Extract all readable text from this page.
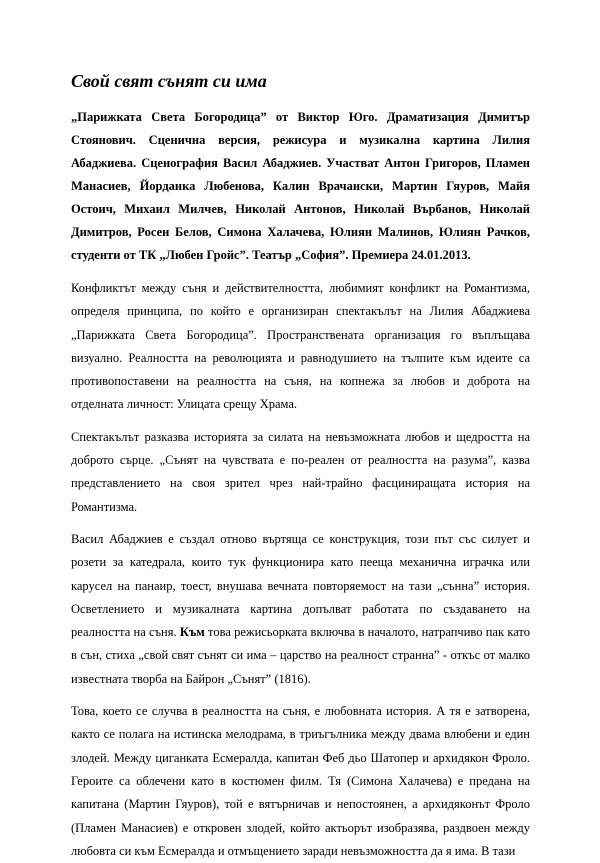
Свой свят сънят си има

„Парижката Света Богородица” от Виктор Юго. Драматизация Димитър Стоянович. Сценична версия, режисура и музикална картина Лилия Абаджиева. Сценография Васил Абаджиев. Участват Антон Григоров, Пламен Манасиев, Йорданка Любенова, Калин Врачански, Мартин Гяуров, Майя Остоич, Михаил Милчев, Николай Антонов, Николай Върбанов, Николай Димитров, Росен Белов, Симона Халачева, Юлиян Малинов, Юлиян Рачков, студенти от ТК „Любен Гройс”. Театър „София”. Премиера 24.01.2013.

Конфликтът между съня и действителността, любимият конфликт на Романтизма, определя принципа, по който е организиран спектакълът на Лилия Абаджиева „Парижката Света Богородица”. Пространствената организация го въплъщава визуално. Реалността на революцията и равнодушието на тълпите към идеите са противопоставени на реалността на съня, на копнежа за любов и доброта на отделната личност: Улицата срещу Храма.

Спектакълът разказва историята за силата на невъзможната любов и щедростта на доброто сърце. „Сънят на чувствата е по-реален от реалността на разума”, казва представлението на своя зрител чрез най-трайно фасциниращата история на Романтизма.

Васил Абаджиев е създал отново въртяща се конструкция, този път със силует и розети за катедрала, които тук функционира като пееща механична играчка или карусел на панаир, тоест, внушава вечната повторяемост на тази „сънна” история. Осветлението и музикалната картина допълват работата по създаването на реалността на съня. Към това режисьорката включва в началото, натрапчиво пак като в сън, стиха „свой свят сънят си има – царство на реалност странна” - откъс от малко известната творба на Байрон „Сънят” (1816).

Това, което се случва в реалността на съня, е любовната история. А тя е затворена, както се полага на истинска мелодрама, в триъгълника между двама влюбени и един злодей. Между циганката Есмералда, капитан Феб дьо Шатопер и архидякон Фроло. Героите са облечени като в костюмен филм. Тя (Симона Халачева) е предана на капитана (Мартин Гяуров), той е вятърничав и непостоянен, а архидяконът Фроло (Пламен Манасиев) е откровен злодей, който актьорът изобразява, раздвоен между любовта си към Есмералда и отмъщението заради невъзможността да я има. В тази
